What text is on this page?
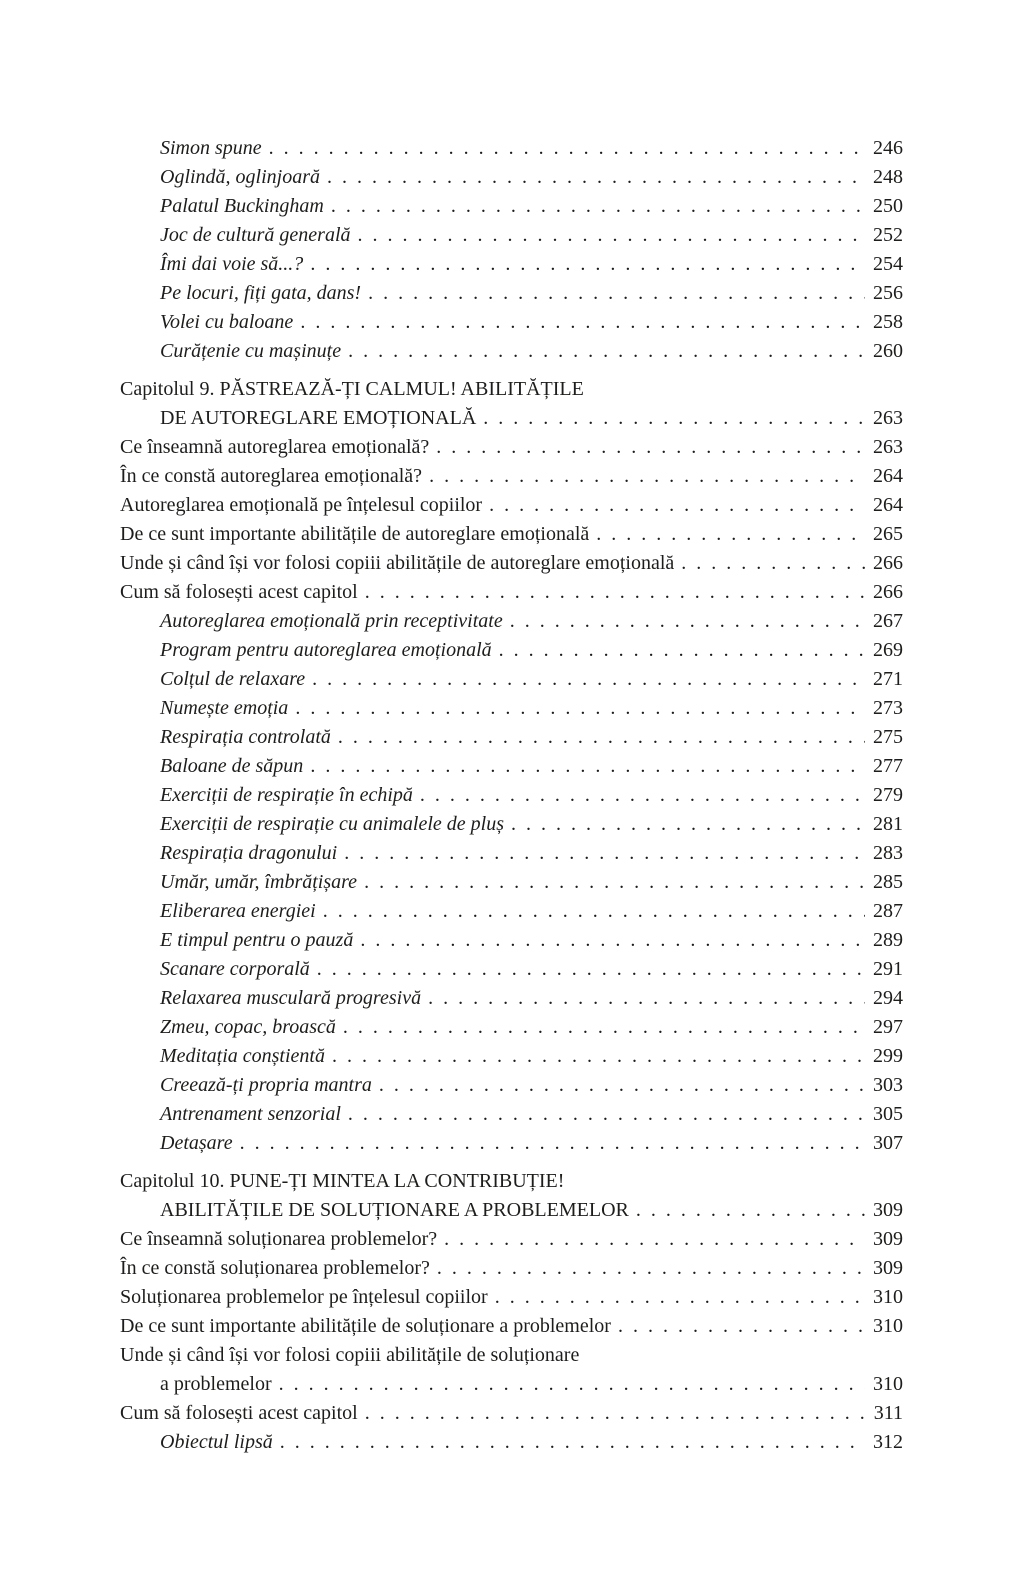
Simon spune . . .	246
Oglindă, oglinjoară . . .	248
Palatul Buckingham . . .	250
Joc de cultură generală . . .	252
Îmi dai voie să...? . . .	254
Pe locuri, fiți gata, dans! . . .	256
Volei cu baloane . . .	258
Curățenie cu mașinuțe . . .	260
Capitolul 9. PĂSTREAZĂ-ȚI CALMUL! ABILITĂȚILE
DE AUTOREGLARE EMOȚIONALĂ . . .	263
Ce înseamnă autoreglarea emoțională? . . .	263
În ce constă autoreglarea emoțională? . . .	264
Autoreglarea emoțională pe înțelesul copiilor . . .	264
De ce sunt importante abilitățile de autoreglare emoțională . . .	265
Unde și când își vor folosi copiii abilitățile de autoreglare emoțională . . .	266
Cum să folosești acest capitol . . .	266
Autoreglarea emoțională prin receptivitate . . .	267
Program pentru autoreglarea emoțională . . .	269
Colțul de relaxare . . .	271
Numește emoția . . .	273
Respirația controlată . . .	275
Baloane de săpun . . .	277
Exerciții de respirație în echipă . . .	279
Exerciții de respirație cu animalele de pluș . . .	281
Respirația dragonului . . .	283
Umăr, umăr, îmbrățișare . . .	285
Eliberarea energiei . . .	287
E timpul pentru o pauză . . .	289
Scanare corporală . . .	291
Relaxarea musculară progresivă . . .	294
Zmeu, copac, broască . . .	297
Meditația conștientă . . .	299
Creează-ți propria mantra . . .	303
Antrenament senzorial . . .	305
Detașare . . .	307
Capitolul 10. PUNE-ȚI MINTEA LA CONTRIBUȚIE!
ABILITĂȚILE DE SOLUȚIONARE A PROBLEMELOR . . .	309
Ce înseamnă soluționarea problemelor? . . .	309
În ce constă soluționarea problemelor? . . .	309
Soluționarea problemelor pe înțelesul copiilor . . .	310
De ce sunt importante abilitățile de soluționare a problemelor . . .	310
Unde și când își vor folosi copiii abilitățile de soluționare
a problemelor . . .	310
Cum să folosești acest capitol . . .	311
Obiectul lipsă . . .	312
